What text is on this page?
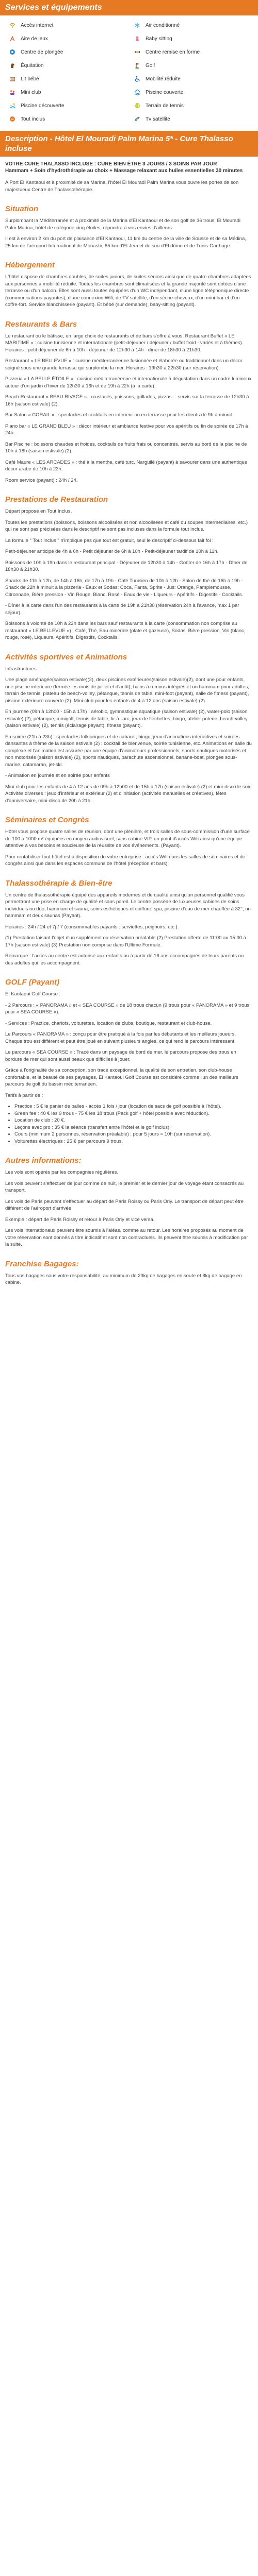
Services et équipements
Accès internet	Air conditionné
Aire de jeux	Baby sitting
Centre de plongée	Centre remise en forme
Équitation	Golf
Lit bébé	Mobilité réduite
Mini club	Piscine couverte
Piscine découverte	Terrain de tennis
∞ Tout inclus	Tv satellite
Description - Hôtel El Mouradi Palm Marina 5* - Cure Thalasso incluse
VOTRE CURE THALASSO INCLUSE : CURE BIEN ÊTRE 3 JOURS / 3 SOINS PAR JOUR
Hammam + Soin d'hydrothérapie au choix + Massage relaxant aux huiles essentielles 30 minutes
A Port El Kantaoui et à proximité de sa Marina, l'hôtel El Mouradi Palm Marina vous ouvre les portes de son majestueux Centre de Thalassothérapie.
Situation

Surplombant la Méditerranée et à proximité de la Marina d'El Kantaoui et de son golf de 36 trous, El Mouradi Palm Marina, hôtel de catégorie cinq étoiles, répondra à vos envies d'ailleurs.

Il est à environ 2 km du port de plaisance d'El Kantaoui, 11 km du centre de la ville de Sousse et de sa Médina, 25 km de l'aéroport International de Monastir, 85 km d'El Jem et de sou d'El dôme et de Tunis-Carthage.

Hébergement

L'hôtel dispose de chambres doubles, de suites juniors, de suites séniors ainsi que de quatre chambres adaptées aux personnes à mobilité réduite. Toutes les chambres sont climatisées et la grande majorité sont dotées d'une terrasse ou d'un balcon. Elles sont aussi toutes équipées d'un WC indépendant, d'une ligne téléphonique directe (communications payantes), d'une connexion Wifi, de TV satellite, d'un sèche-cheveux, d'un mini-bar et d'un coffre-fort. Service blanchisserie (payant). Et bébé (sur demande), baby-sitting (payant).

Restaurants & Bars

Le restaurant ou le bâtisse, un large choix de restaurants et de bars s'offre à vous. Restaurant Buffet « LE MARITIME » : cuisine tunisienne et internationale (petit-déjeuner / déjeuner / buffet froid - variés et à thèmes). Horaires : petit déjeuner de 6h à 10h - déjeuner de 12h30 à 14h - dîner de 18h30 à 21h30.

Restaurant « LE BELLEVUE » : cuisine méditerranéenne fusionnée et élaborée ou traditionnel dans un décor soigné sous une grande terrasse qui surplombe la mer. Horaires : 19h30 à 22h30 (sur réservation).

Pizzeria « LA BELLE ÉTOILE » : cuisine méditerranéenne et internationale à dégustation dans un cadre lumineux autour d'un jardin d'hiver de 12h30 à 16h et de 19h à 22h (à la carte).

Beach Restaurant « BEAU RIVAGE » : crustacés, poissons, grillades, pizzas… servis sur la terrasse de 12h30 à 16h (saison estivale) (2).

Bar Salon « CORAIL » : spectacles et cocktails en intérieur ou en terrasse pour les clients de 9h à minuit.

Piano bar « LE GRAND BLEU » : décor intérieur et ambiance festive pour vos apéritifs ou fin de soirée de 17h à 24h.

Bar Piscine : boissons chaudes et froides, cocktails de fruits frais ou concentrés, servis au bord de la piscine de 10h à 18h (saison estivale) (2).

Café Maure « LES ARCADES » : thé à la menthe, café turc, Narguilé (payant) à savourer dans une authentique décor arabe de 10h à 23h.

Room service (payant) : 24h / 24.

Prestations de Restauration

Départ proposé en Tout Inclus.

Toutes les prestations (boissons, boissons alcoolisées et non alcoolisées et café ou soupes intermédiaires, etc.) qui ne sont pas précisées dans le descriptif ne sont pas incluses dans la formule tout inclus.

La formule " Tout Inclus " n'implique pas que tout est gratuit, seul le descriptif ci-dessous fait foi :

Petit-déjeuner anticipé de 4h à 6h - Petit déjeuner de 6h à 10h - Petit-déjeuner tardif de 10h à 11h.

Boissons de 10h à 19h dans le restaurant principal - Déjeuner de 12h30 à 14h - Goûter de 16h à 17h - Dîner de 18h30 à 21h30.

Snacks de 11h à 12h, de 14h à 16h, de 17h à 19h - Café Tunisien de 10h à 12h - Salon de thé de 16h à 19h - Snack de 22h à minuit à la pizzeria - Eaux et Sodas: Coca, Fanta, Sprite - Jus: Orange, Pamplemousse, Citronnade, Bière pression - Vin Rouge, Blanc, Rosé - Eaux de vie - Liqueurs - Apéritifs - Digestifs - Cocktails.

- Dîner à la carte dans l'un des restaurants à la carte de 19h à 21h30 (réservation 24h à l'avance, max 1 par séjour).

Boissons à volonté de 10h à 23h dans les bars sauf restaurants à la carte (consommation non comprise au restaurant « LE BELLEVUE ») : Café, Thé, Eau minérale (plate et gazeuse), Sodas, Bière pression, Vin (blanc, rouge, rosé), Liqueurs, Apéritifs, Digestifs, Cocktails.

Activités sportives et Animations

Infrastructures :

Une plage aménagée(saison estivale)(2), deux piscines extérieures(saison estivale)(2), dont une pour enfants, une piscine intérieure (fermée les mois de juillet et d'août), bains à remous intégrés et un hammam pour adultes, terrain de tennis, plateau de beach-volley, pétanque, tennis de table, mini-foot (payant), salle de fitness (payant), piscine extérieure couverte (2). Mini-club pour les enfants de 4 à 12 ans (saison estivale) (2).

En journée (09h à 12h00 - 15h à 17h) : aérobic, gymnastique aquatique (saison estivale) (2), water-polo (saison estivale) (2), pétanque, minigolf, tennis de table, tir à l'arc, jeux de fléchettes, bingo, atelier poterie, beach-volley (saison estivale) (2), tennis (éclairage payant), fitness (payant).

En soirée (21h à 23h) : spectacles folkloriques et de cabaret, bingo, jeux d'animations interactives et soirées dansantes à thème de la saison estivale (2) : cocktail de bienvenue, soirée tunisienne, etc. Animations en salle du complexe et l'animation est assurée par une équipe d'animateurs professionnels, sports nautiques motorisés et non motorisés (saison estivale) (2), sports nautiques, parachute ascensionnel, banane-boat, plongée sous-marine, catamaran, jet-ski.

- Animation en journée et en soirée pour enfants

Mini-club pour les enfants de 4 à 12 ans de 09h à 12h00 et de 15h à 17h (saison estivale) (2) et mini-disco le soir. Activités diverses : jeux d'intérieur et extérieur (2) et d'initiation (activités manuelles et créatives), fêtes d'anniversaire, mini-disco de 20h à 21h.

Séminaires et Congrès

Hôtel vous propose quatre salles de réunion, dont une plénière, et trois salles de sous-commission d'une surface de 100 à 1000 m² équipées en moyen audiovisuel, sans cabine VIP, un point d'accès Wifi ainsi qu'une équipe attentive à vos besoins et soucieuse de la réussite de vos événements. (Payant).

Pour rentabiliser tout hôtel est à disposition de votre entreprise : accès Wifi dans les salles de séminaires et de congrès ainsi que dans les espaces communs de l'hôtel (réception et bars).

Thalassothérapie & Bien-être

Un centre de thalassothérapie équipé des appareils modernes et de qualité ainsi qu'un personnel qualifié vous permettront une prise en charge de qualité et sans pareil. Le centre possède de luxueuses cabines de soins individuels ou duo, hammam et sauna, soins esthétiques et coiffure, spa, piscine d'eau de mer chauffée à 32°, un hammam et deux saunas (Payant).

Horaires : 24h / 24 et 7j / 7 (consommables payants : serviettes, peignoirs, etc.).

(1) Prestation faisant l'objet d'un supplément ou réservation préalable (2) Prestation offerte de 11:00 au 15:00 à 17h (saison estivale) (3) Prestation non comprise dans l'Ultime Formule.

Remarque : l'accès au centre est autorisé aux enfants ou à partir de 16 ans accompagnés de leurs parents ou des adultes qui les accompagnent.

GOLF (Payant)

El Kantaoui Golf Course :

- 2 Parcours : « PANORAMA » et « SEA COURSE » de 18 trous chacun (9 trous pour « PANORAMA » et 9 trous pour « SEA COURSE »).

- Services : Practice, chariots, voiturettes, location de clubs, boutique, restaurant et club-house.

Le Parcours « PANORAMA » : conçu pour être pratiqué à la fois par les débutants et les meilleurs joueurs. Chaque trou est différent et peut être joué en suivant plusieurs angles, ce qui rend le parcours intéressant.

Le parcours « SEA COURSE » : Tracé dans un paysage de bord de mer, le parcours propose des trous en bordure de mer qui sont aussi beaux que difficiles à jouer.

Grâce à l'originalité de sa conception, son tracé exceptionnel, la qualité de son entretien, son club-house confortable, et la beauté de ses paysages, El Kantaoui Golf Course est considéré comme l'un des meilleurs parcours de golf du bassin méditerranéen.

Tarifs à partir de :

• Practice : 5 € le panier de balles - accès 1 fois / jour (location de sacs de golf possible à l'hôtel).
• Green fee : 40 € les 9 trous - 75 € les 18 trous (Pack golf + hôtel possible avec réduction).
• Location de club : 20 €.
• Leçons avec pro : 35 € la séance (transfert entre l'hôtel et le golf inclus).
• Cours (minimum 2 personnes, réservation préalable) : pour 5 jours = 10h (sur réservation).
• Voiturettes électriques : 25 € par parcours 9 trous.
Autres informations:

Les vols sont opérés par les compagnies régulières.

Les vols peuvent s'effectuer de jour comme de nuit, le premier et le dernier jour de voyage étant consacrés au transport.

Les vols de Paris peuvent s'effectuer au départ de Paris Roissy ou Paris Orly. Le transport de départ peut être différent de l'aéroport d'arrivée.

Exemple : départ de Paris Roissy et retour à Paris Orly et vice versa.

Les vols internationaux peuvent être soumis à l'aléas, comme au retour. Les horaires proposés au moment de votre réservation sont donnés à titre indicatif et sont non contractuels. Ils peuvent être soumis à modification par la suite.

Franchise Bagages:

Tous vos bagages sous votre responsabilité, au minimum de 23kg de bagages en soute et 8kg de bagage en cabine.
